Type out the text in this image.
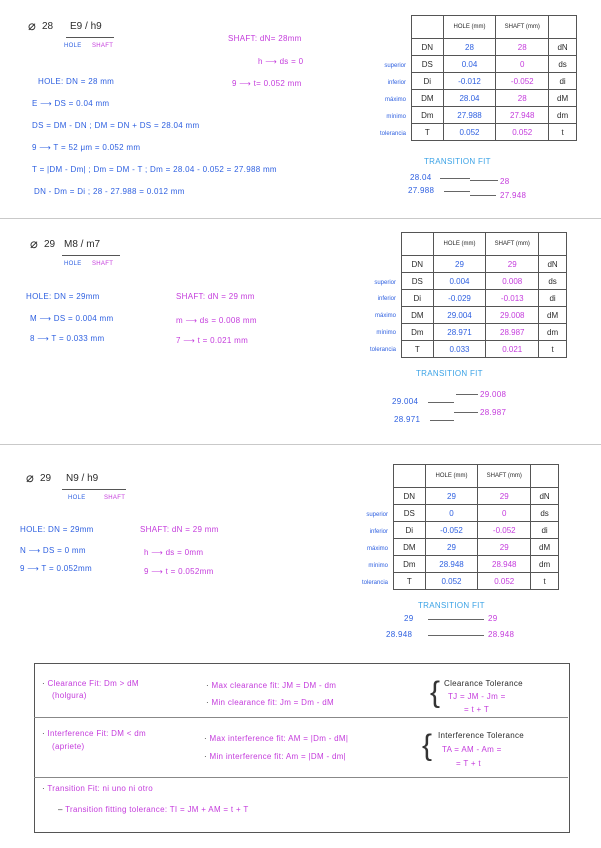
⌀ 28 E9 / h9
HOLE SHAFT
SHAFT: dN= 28mm
h ⟶ ds = 0
9 ⟶ t= 0.052 mm
HOLE: DN = 28 mm
E ⟶ DS = 0.04 mm
DS = DM - DN ; DM = DN + DS = 28.04 mm
9 ⟶ T = 52 μm = 0.052 mm
T = |DM - Dm| ; Dm = DM - T ; Dm = 28.04 - 0.052 = 27.988 mm
DN - Dm = Di ; 28 - 27.988 = 0.012 mm
superior
inferior
máximo
mínimo
tolerancia
	HOLE (mm)	SHAFT (mm)	
DN	28	28	dN
DS	0.04	0	ds
Di	-0.012	-0.052	di
DM	28.04	28	dM
Dm	27.988	27.948	dm
T	0.052	0.052	t
TRANSITION FIT
28.04	28
27.988
27.948
⌀ 29 M8 / m7
HOLE SHAFT
HOLE: DN = 29mm	SHAFT: dN = 29 mm
M ⟶ DS = 0.004 mm
8 ⟶ T = 0.033 mm
m ⟶ ds = 0.008 mm
7 ⟶ t = 0.021 mm
superior
inferior
máximo
mínimo
tolerancia
	HOLE (mm)	SHAFT (mm)	
DN	29	29	dN
DS	0.004	0.008	ds
Di	-0.029	-0.013	di
DM	29.004	29.008	dM
Dm	28.971	28.987	dm
T	0.033	0.021	t
TRANSITION FIT
29.008
29.004
28.987
28.971
⌀ 29 N9 / h9
HOLE	SHAFT
HOLE: DN = 29mm	SHAFT: dN = 29 mm
N ⟶ DS = 0 mm
9 ⟶ T = 0.052mm
h ⟶ ds = 0mm
9 ⟶ t = 0.052mm
superior
inferior
máximo
mínimo
tolerancia
	HOLE (mm)	SHAFT (mm)	
DN	29	29	dN
DS	0	0	ds
Di	-0.052	-0.052	di
DM	29	29	dM
Dm	28.948	28.948	dm
T	0.052	0.052	t
TRANSITION FIT
29	29
28.948	28.948
· Clearance Fit: Dm > dM
(holgura)
· Max clearance fit: JM = DM - dm
· Min clearance fit: Jm = Dm - dM	{ Clearance Tolerance
TJ = JM - Jm =
= t + T
· Interference Fit: DM < dm
(apriete)
· Max interference fit: AM = |Dm - dM|
· Min interference fit: Am = |DM - dm|	{ Interference Tolerance
TA = AM - Am =
= T + t
· Transition Fit: ni uno ni otro
– Transition fitting tolerance: TI = JM + AM = t + T
